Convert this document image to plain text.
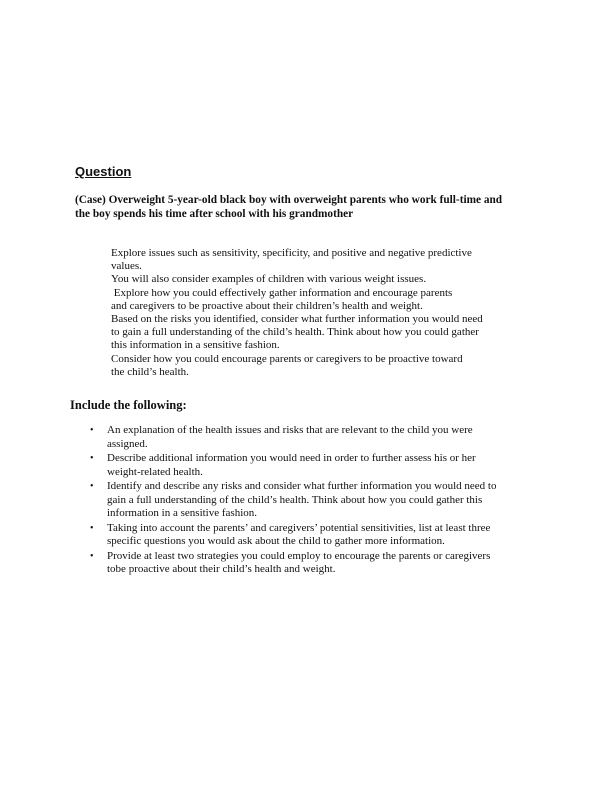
Question

(Case) Overweight 5-year-old black boy with overweight parents who work full-time and

the boy spends his time after school with his grandmother

Explore issues such as sensitivity, specificity, and positive and negative predictive

values.

You will also consider examples of children with various weight issues.

Explore how you could effectively gather information and encourage parents

and caregivers to be proactive about their children’s health and weight.

Based on the risks you identified, consider what further information you would need

to gain a full understanding of the child’s health. Think about how you could gather

this information in a sensitive fashion.

Consider how you could encourage parents or caregivers to be proactive toward

the child’s health.

Include the following:
• An explanation of the health issues and risks that are relevant to the child you were
assigned.
• Describe additional information you would need in order to further assess his or her
weight-related health.
• Identify and describe any risks and consider what further information you would need to
gain a full understanding of the child’s health. Think about how you could gather this
information in a sensitive fashion.
• Taking into account the parents’ and caregivers’ potential sensitivities, list at least three
specific questions you would ask about the child to gather more information.
• Provide at least two strategies you could employ to encourage the parents or caregivers
tobe proactive about their child’s health and weight.
